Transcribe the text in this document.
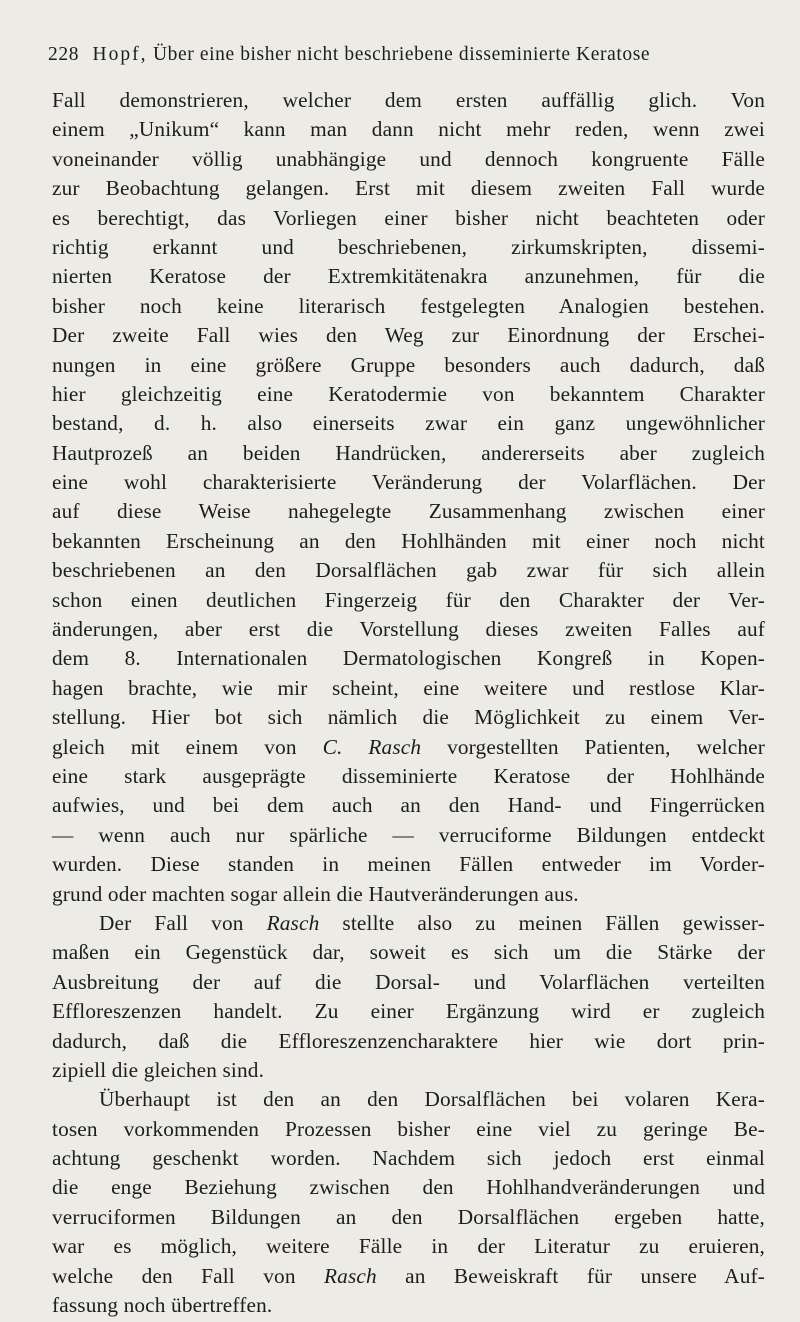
228 Hopf, Über eine bisher nicht beschriebene disseminierte Keratose
Fall demonstrieren, welcher dem ersten auffällig glich. Von
einem „Unikum“ kann man dann nicht mehr reden, wenn zwei
voneinander völlig unabhängige und dennoch kongruente Fälle
zur Beobachtung gelangen. Erst mit diesem zweiten Fall wurde
es berechtigt, das Vorliegen einer bisher nicht beachteten oder
richtig erkannt und beschriebenen, zirkumskripten, dissemi-
nierten Keratose der Extremkitätenakra anzunehmen, für die
bisher noch keine literarisch festgelegten Analogien bestehen.
Der zweite Fall wies den Weg zur Einordnung der Erschei-
nungen in eine größere Gruppe besonders auch dadurch, daß
hier gleichzeitig eine Keratodermie von bekanntem Charakter
bestand, d. h. also einerseits zwar ein ganz ungewöhnlicher
Hautprozeß an beiden Handrücken, andererseits aber zugleich
eine wohl charakterisierte Veränderung der Volarflächen. Der
auf diese Weise nahegelegte Zusammenhang zwischen einer
bekannten Erscheinung an den Hohlhänden mit einer noch nicht
beschriebenen an den Dorsalflächen gab zwar für sich allein
schon einen deutlichen Fingerzeig für den Charakter der Ver-
änderungen, aber erst die Vorstellung dieses zweiten Falles auf
dem 8. Internationalen Dermatologischen Kongreß in Kopen-
hagen brachte, wie mir scheint, eine weitere und restlose Klar-
stellung. Hier bot sich nämlich die Möglichkeit zu einem Ver-
gleich mit einem von C. Rasch vorgestellten Patienten, welcher
eine stark ausgeprägte disseminierte Keratose der Hohlhände
aufwies, und bei dem auch an den Hand- und Fingerrücken
— wenn auch nur spärliche — verruciforme Bildungen entdeckt
wurden. Diese standen in meinen Fällen entweder im Vorder-
grund oder machten sogar allein die Hautveränderungen aus.
Der Fall von Rasch stellte also zu meinen Fällen gewisser-
maßen ein Gegenstück dar, soweit es sich um die Stärke der
Ausbreitung der auf die Dorsal- und Volarflächen verteilten
Effloreszenzen handelt. Zu einer Ergänzung wird er zugleich
dadurch, daß die Effloreszenzencharaktere hier wie dort prin-
zipiell die gleichen sind.
Überhaupt ist den an den Dorsalflächen bei volaren Kera-
tosen vorkommenden Prozessen bisher eine viel zu geringe Be-
achtung geschenkt worden. Nachdem sich jedoch erst einmal
die enge Beziehung zwischen den Hohlhandveränderungen und
verruciformen Bildungen an den Dorsalflächen ergeben hatte,
war es möglich, weitere Fälle in der Literatur zu eruieren,
welche den Fall von Rasch an Beweiskraft für unsere Auf-
fassung noch übertreffen.
